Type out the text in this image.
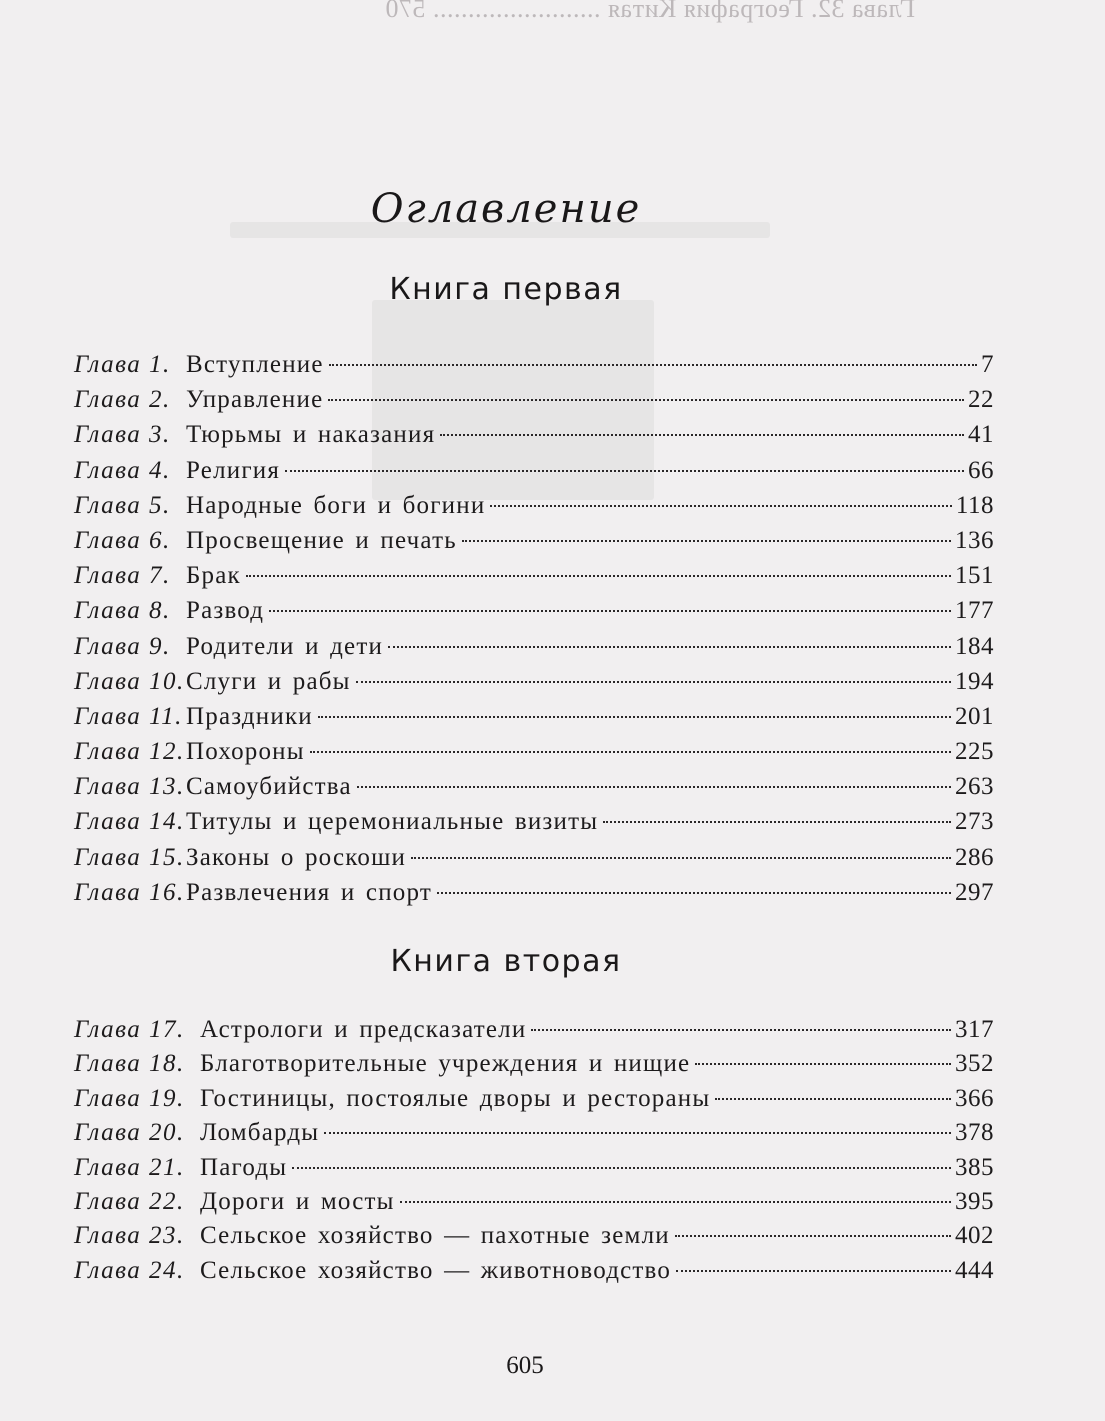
Глава 32. География Китая ........................ 570
Оглавление
Книга первая
Глава 1. Вступление	7
Глава 2. Управление	22
Глава 3. Тюрьмы и наказания	41
Глава 4. Религия	66
Глава 5. Народные боги и богини	118
Глава 6. Просвещение и печать	136
Глава 7. Брак	151
Глава 8. Развод	177
Глава 9. Родители и дети	184
Глава 10. Слуги и рабы	194
Глава 11. Праздники	201
Глава 12. Похороны	225
Глава 13. Самоубийства	263
Глава 14. Титулы и церемониальные визиты	273
Глава 15. Законы о роскоши	286
Глава 16. Развлечения и спорт	297
Книга вторая
Глава 17. Астрологи и предсказатели	317
Глава 18. Благотворительные учреждения и нищие	352
Глава 19. Гостиницы, постоялые дворы и рестораны	366
Глава 20. Ломбарды	378
Глава 21. Пагоды	385
Глава 22. Дороги и мосты	395
Глава 23. Сельское хозяйство — пахотные земли	402
Глава 24. Сельское хозяйство — животноводство	444
605
